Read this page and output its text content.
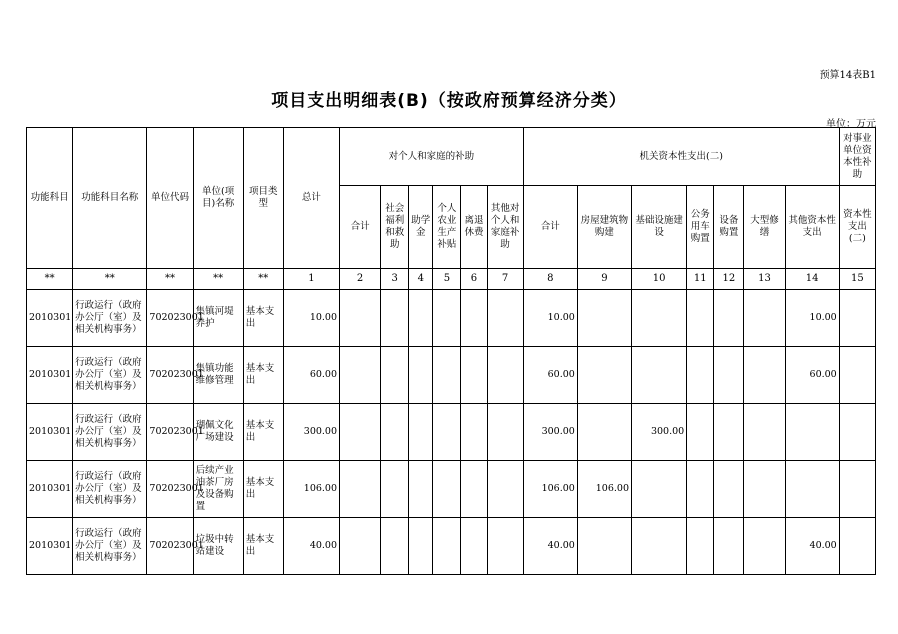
预算14表B1
项目支出明细表(B)（按政府预算经济分类）
单位：万元
功能科目	功能科目名称	单位代码	单位(项目)名称	项目类型	总计	对个人和家庭的补助						机关资本性支出(二)							对事业单位资本性补助
						合计	社会福利和救助	助学金	个人农业生产补贴	离退休费	其他对个人和家庭补助	合计	房屋建筑物购建	基础设施建设	公务用车购置	设备购置	大型修缮	其他资本性支出	资本性支出(二)
**	**	**	**	**	1	2	3	4	5	6	7	8	9	10	11	12	13	14	15
2010301	行政运行（政府办公厅（室）及相关机构事务）	702023001	集镇河堤养护	基本支出	10.00							10.00						10.00	
2010301	行政运行（政府办公厅（室）及相关机构事务）	702023001	集镇功能维修管理	基本支出	60.00							60.00						60.00	
2010301	行政运行（政府办公厅（室）及相关机构事务）	702023001	瑚佩文化广场建设	基本支出	300.00							300.00		300.00					
2010301	行政运行（政府办公厅（室）及相关机构事务）	702023001	后续产业油茶厂房及设备购置	基本支出	106.00							106.00	106.00						
2010301	行政运行（政府办公厅（室）及相关机构事务）	702023001	垃圾中转站建设	基本支出	40.00							40.00						40.00	
